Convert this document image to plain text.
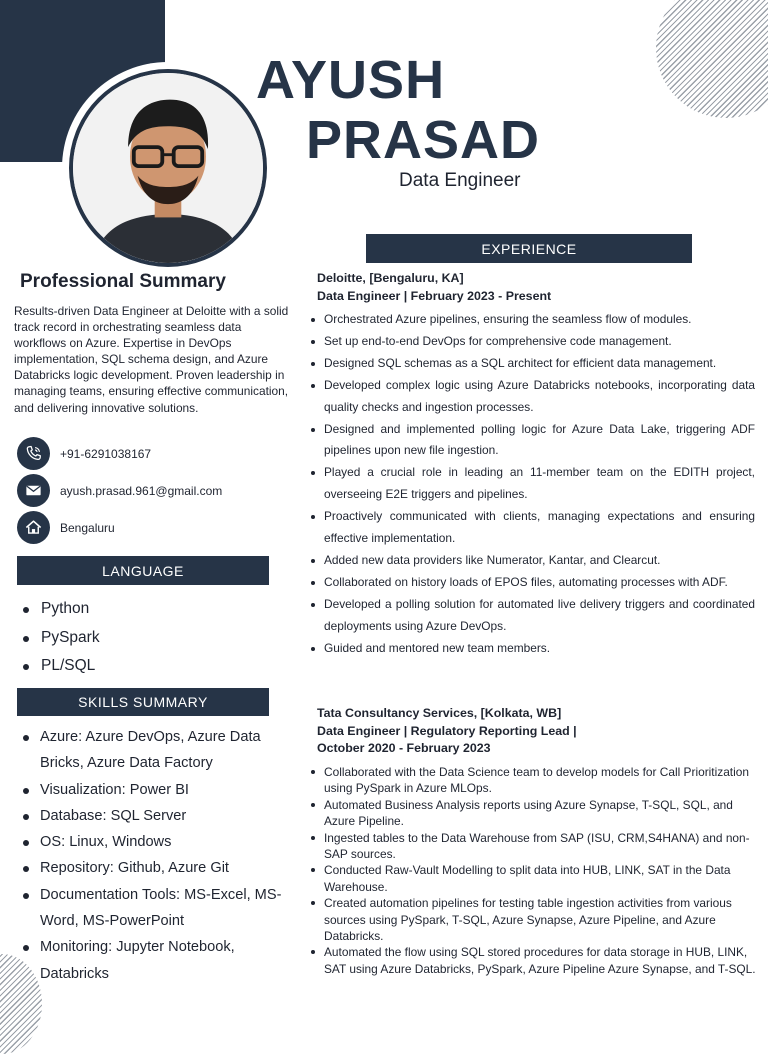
AYUSH
PRASAD
Data Engineer
Professional Summary
Results-driven Data Engineer at Deloitte with a solid track record in orchestrating seamless data workflows on Azure. Expertise in DevOps implementation, SQL schema design, and Azure Databricks logic development. Proven leadership in managing teams, ensuring effective communication, and delivering innovative solutions.
+91-6291038167
ayush.prasad.961@gmail.com
Bengaluru
LANGUAGE
Python
PySpark
PL/SQL
SKILLS SUMMARY
Azure: Azure DevOps, Azure Data Bricks, Azure Data Factory
Visualization: Power BI
Database: SQL Server
OS: Linux, Windows
Repository: Github, Azure Git
Documentation Tools: MS-Excel, MS-Word, MS-PowerPoint
Monitoring: Jupyter Notebook, Databricks
EXPERIENCE
Deloitte, [Bengaluru, KA]
Data Engineer | February 2023 - Present
Orchestrated Azure pipelines, ensuring the seamless flow of modules.
Set up end-to-end DevOps for comprehensive code management.
Designed SQL schemas as a SQL architect for efficient data management.
Developed complex logic using Azure Databricks notebooks, incorporating data quality checks and ingestion processes.
Designed and implemented polling logic for Azure Data Lake, triggering ADF pipelines upon new file ingestion.
Played a crucial role in leading an 11-member team on the EDITH project, overseeing E2E triggers and pipelines.
Proactively communicated with clients, managing expectations and ensuring effective implementation.
Added new data providers like Numerator, Kantar, and Clearcut.
Collaborated on history loads of EPOS files, automating processes with ADF.
Developed a polling solution for automated live delivery triggers and coordinated deployments using Azure DevOps.
Guided and mentored new team members.
Tata Consultancy Services, [Kolkata, WB]
Data Engineer | Regulatory Reporting Lead |
October 2020 - February 2023
Collaborated with the Data Science team to develop models for Call Prioritization using PySpark in Azure MLOps.
Automated Business Analysis reports using Azure Synapse, T-SQL, SQL, and Azure Pipeline.
Ingested tables to the Data Warehouse from SAP (ISU, CRM,S4HANA) and non-SAP sources.
Conducted Raw-Vault Modelling to split data into HUB, LINK, SAT in the Data Warehouse.
Created automation pipelines for testing table ingestion activities from various sources using PySpark, T-SQL, Azure Synapse, Azure Pipeline, and Azure Databricks.
Automated the flow using SQL stored procedures for data storage in HUB, LINK, SAT using Azure Databricks, PySpark, Azure Pipeline Azure Synapse, and T-SQL.
